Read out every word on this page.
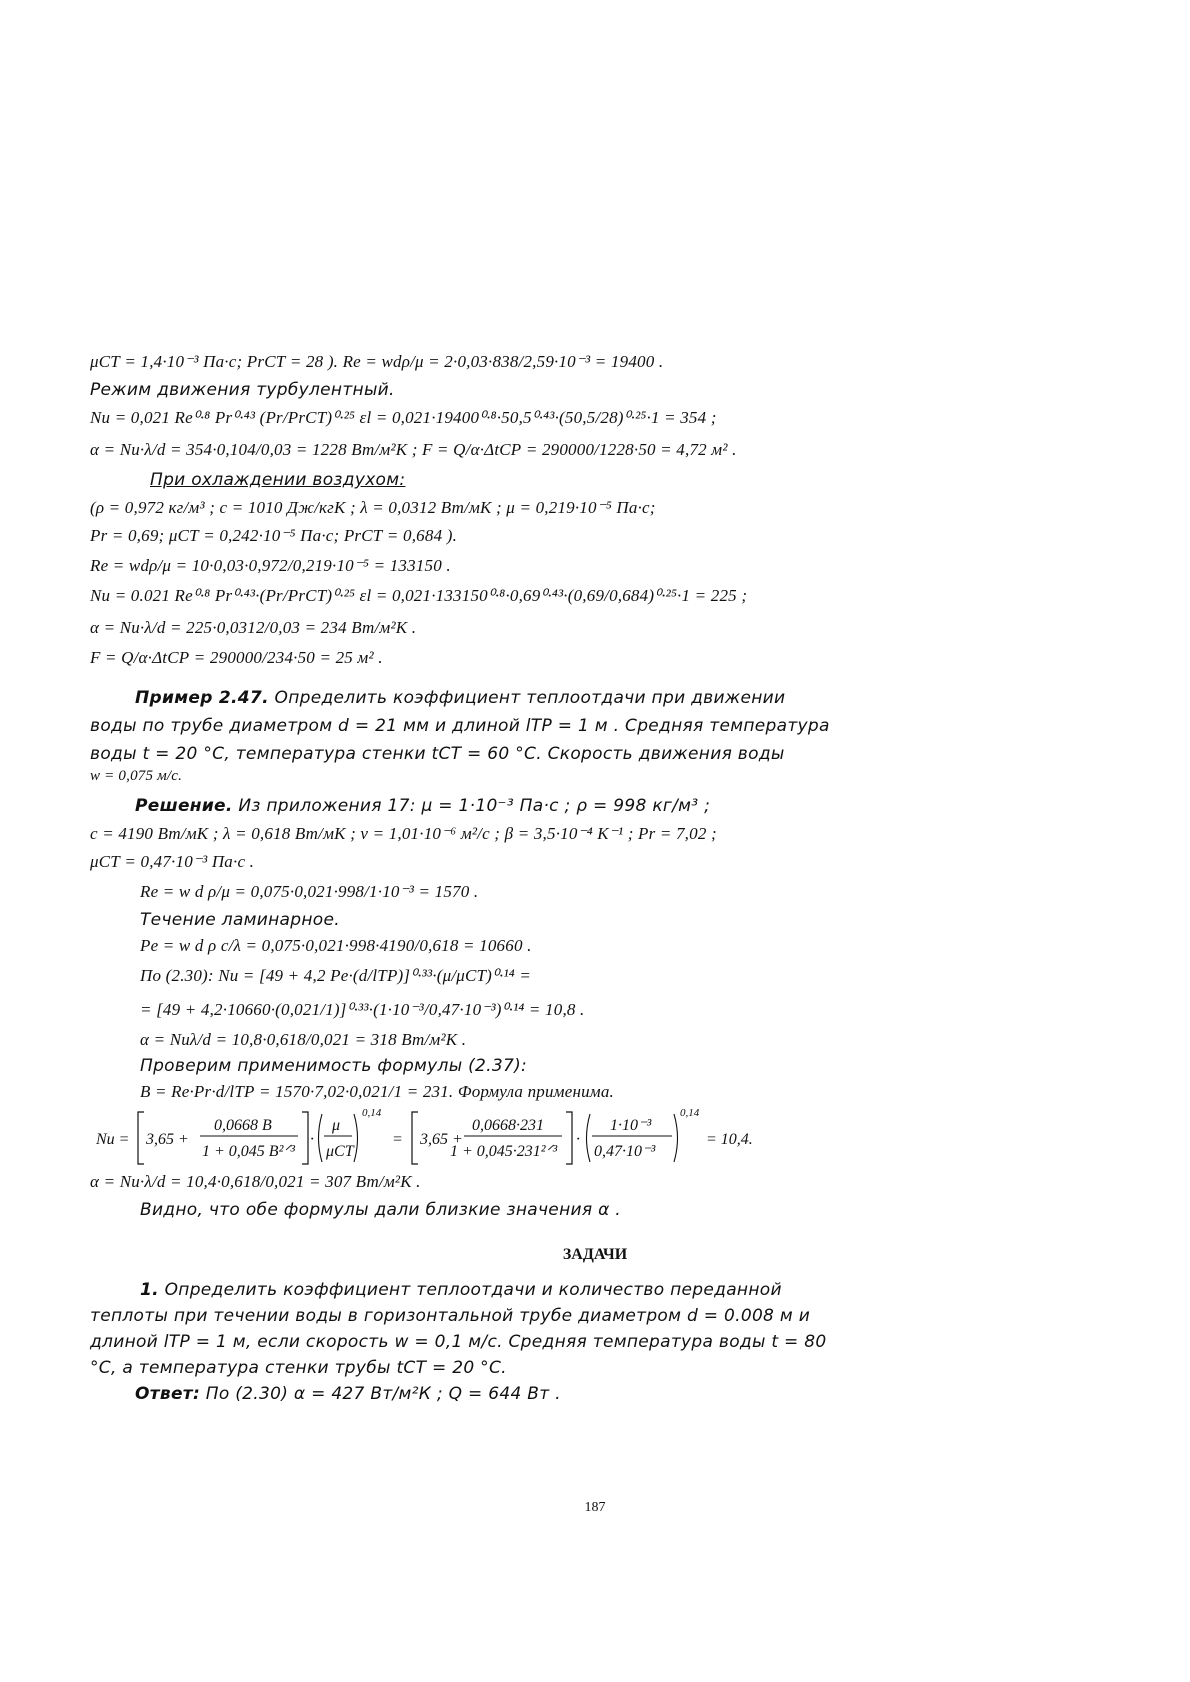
μСТ = 1,4·10⁻³ Па·с; PrСТ = 28 ). Re = wdρ/μ = 2·0,03·838/2,59·10⁻³ = 19400 .
Режим движения турбулентный.
Nu = 0,021 Re⁰·⁸ Pr⁰·⁴³ (Pr/PrСТ)⁰·²⁵ εl = 0,021·19400⁰·⁸·50,5⁰·⁴³·(50,5/28)⁰·²⁵·1 = 354 ;
α = Nu·λ/d = 354·0,104/0,03 = 1228 Вт/м²К ; F = Q/α·ΔtСР = 290000/1228·50 = 4,72 м² .
При охлаждении воздухом:
(ρ = 0,972 кг/м³ ; c = 1010 Дж/кгК ; λ = 0,0312 Вт/мК ; μ = 0,219·10⁻⁵ Па·с;
Pr = 0,69; μСТ = 0,242·10⁻⁵ Па·с; PrСТ = 0,684 ).
Re = wdρ/μ = 10·0,03·0,972/0,219·10⁻⁵ = 133150 .
Nu = 0.021 Re⁰·⁸ Pr⁰·⁴³·(Pr/PrСТ)⁰·²⁵ εl = 0,021·133150⁰·⁸·0,69⁰·⁴³·(0,69/0,684)⁰·²⁵·1 = 225 ;
α = Nu·λ/d = 225·0,0312/0,03 = 234 Вт/м²К .
F = Q/α·ΔtСР = 290000/234·50 = 25 м² .
Пример 2.47. Определить коэффициент теплоотдачи при движении
воды по трубе диаметром d = 21 мм и длиной lТР = 1 м . Средняя температура
воды t = 20 °С, температура стенки tСТ = 60 °С. Скорость движения воды
w = 0,075 м/с.
Решение. Из приложения 17: μ = 1·10⁻³ Па·с ; ρ = 998 кг/м³ ;
c = 4190 Вт/мК ; λ = 0,618 Вт/мК ; ν = 1,01·10⁻⁶ м²/с ; β = 3,5·10⁻⁴ К⁻¹ ; Pr = 7,02 ;
μСТ = 0,47·10⁻³ Па·с .
Re = w d ρ/μ = 0,075·0,021·998/1·10⁻³ = 1570 .
Течение ламинарное.
Pe = w d ρ c/λ = 0,075·0,021·998·4190/0,618 = 10660 .
По (2.30): Nu = [49 + 4,2 Pe·(d/lТР)]⁰·³³·(μ/μСТ)⁰·¹⁴ =
= [49 + 4,2·10660·(0,021/1)]⁰·³³·(1·10⁻³/0,47·10⁻³)⁰·¹⁴ = 10,8 .
α = Nuλ/d = 10,8·0,618/0,021 = 318 Вт/м²К .
Проверим применимость формулы (2.37):
B = Re·Pr·d/lТР = 1570·7,02·0,021/1 = 231. Формула применима.
Nu = 3,65 +
0,0668 B
1 + 0,045 B²ᐟ³
·
μ
μСТ
0,14
= 3,65 +
0,0668·231
1 + 0,045·231²ᐟ³
·
1·10⁻³
0,47·10⁻³
0,14
= 10,4.
α = Nu·λ/d = 10,4·0,618/0,021 = 307 Вт/м²К .
Видно, что обе формулы дали близкие значения α .
ЗАДАЧИ
1. Определить коэффициент теплоотдачи и количество переданной
теплоты при течении воды в горизонтальной трубе диаметром d = 0.008 м и
длиной lТР = 1 м, если скорость w = 0,1 м/с. Средняя температура воды t = 80
°С, а температура стенки трубы tСТ = 20 °С.
Ответ: По (2.30) α = 427 Вт/м²К ; Q = 644 Вт .
187
